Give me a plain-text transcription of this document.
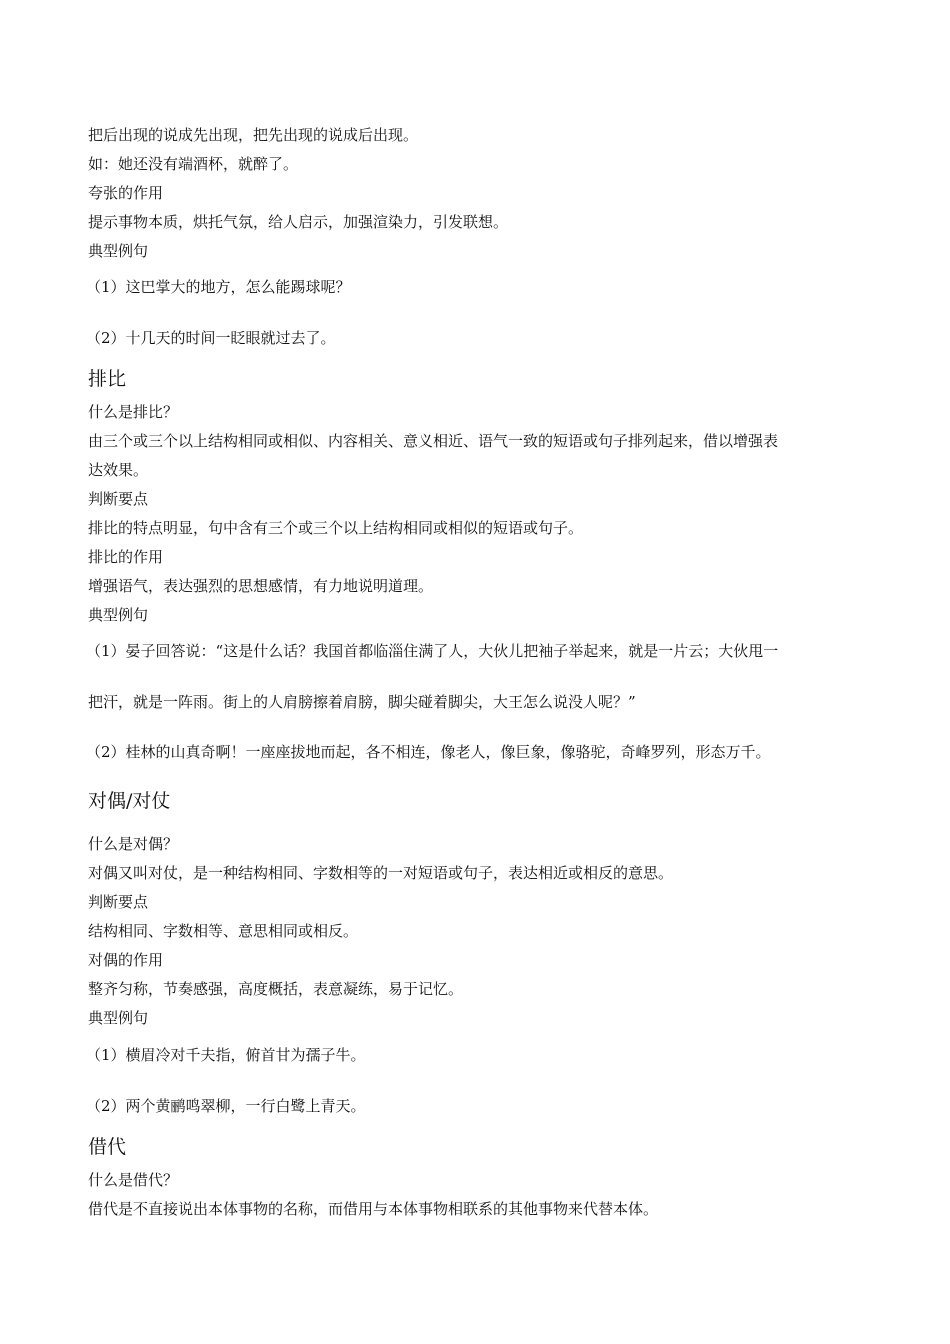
把后出现的说成先出现，把先出现的说成后出现。
如：她还没有端酒杯，就醉了。
夸张的作用
提示事物本质，烘托气氛，给人启示，加强渲染力，引发联想。
典型例句
（1）这巴掌大的地方，怎么能踢球呢？
（2）十几天的时间一眨眼就过去了。
排比
什么是排比？
由三个或三个以上结构相同或相似、内容相关、意义相近、语气一致的短语或句子排列起来，借以增强表
达效果。
判断要点
排比的特点明显，句中含有三个或三个以上结构相同或相似的短语或句子。
排比的作用
增强语气，表达强烈的思想感情，有力地说明道理。
典型例句
（1）晏子回答说：“这是什么话？我国首都临淄住满了人，大伙儿把袖子举起来，就是一片云；大伙甩一
把汗，就是一阵雨。街上的人肩膀擦着肩膀，脚尖碰着脚尖，大王怎么说没人呢？”
（2）桂林的山真奇啊！一座座拔地而起，各不相连，像老人，像巨象，像骆驼，奇峰罗列，形态万千。
对偶/对仗
什么是对偶？
对偶又叫对仗，是一种结构相同、字数相等的一对短语或句子，表达相近或相反的意思。
判断要点
结构相同、字数相等、意思相同或相反。
对偶的作用
整齐匀称，节奏感强，高度概括，表意凝练，易于记忆。
典型例句
（1）横眉冷对千夫指，俯首甘为孺子牛。
（2）两个黄鹂鸣翠柳，一行白鹭上青天。
借代
什么是借代？
借代是不直接说出本体事物的名称，而借用与本体事物相联系的其他事物来代替本体。
